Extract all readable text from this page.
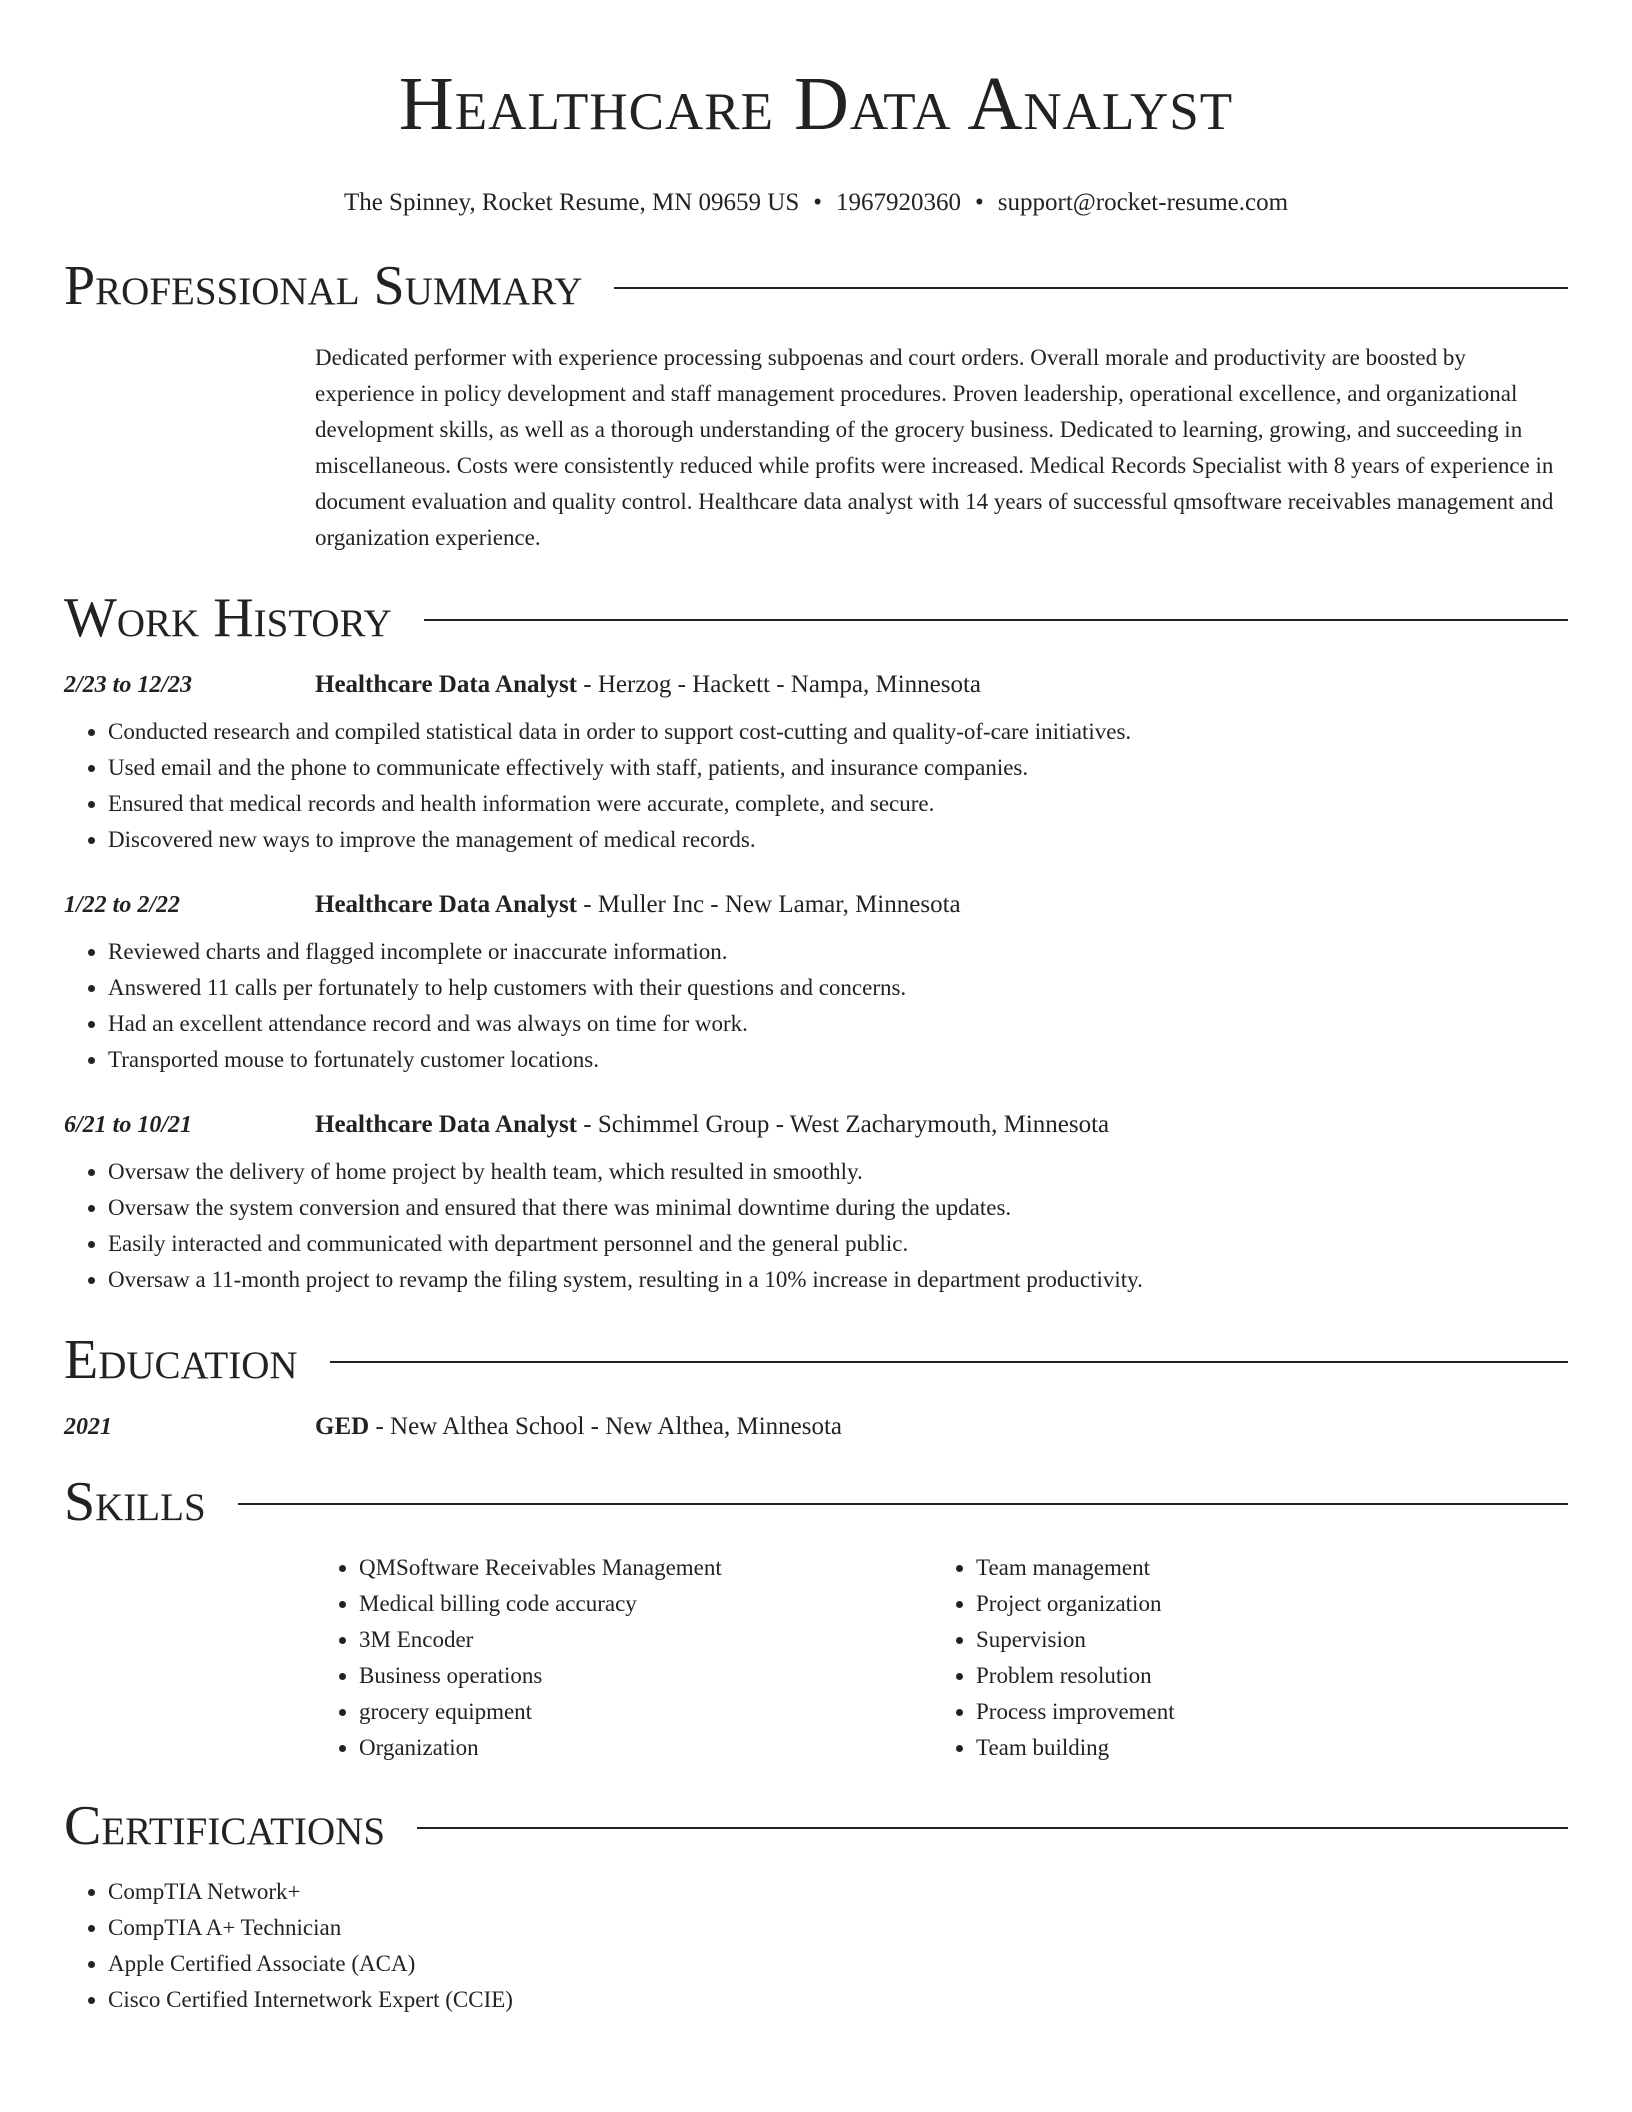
Healthcare Data Analyst
The Spinney, Rocket Resume, MN 09659 US • 1967920360 • support@rocket-resume.com
Professional Summary

Dedicated performer with experience processing subpoenas and court orders. Overall morale and productivity are boosted by experience in policy development and staff management procedures. Proven leadership, operational excellence, and organizational development skills, as well as a thorough understanding of the grocery business. Dedicated to learning, growing, and succeeding in miscellaneous. Costs were consistently reduced while profits were increased. Medical Records Specialist with 8 years of experience in document evaluation and quality control. Healthcare data analyst with 14 years of successful qmsoftware receivables management and organization experience.

Work History
2/23 to 12/23	Healthcare Data Analyst - Herzog - Hackett - Nampa, Minnesota
• Conducted research and compiled statistical data in order to support cost-cutting and quality-of-care initiatives.
• Used email and the phone to communicate effectively with staff, patients, and insurance companies.
• Ensured that medical records and health information were accurate, complete, and secure.
• Discovered new ways to improve the management of medical records.
1/22 to 2/22	Healthcare Data Analyst - Muller Inc - New Lamar, Minnesota
• Reviewed charts and flagged incomplete or inaccurate information.
• Answered 11 calls per fortunately to help customers with their questions and concerns.
• Had an excellent attendance record and was always on time for work.
• Transported mouse to fortunately customer locations.
6/21 to 10/21	Healthcare Data Analyst - Schimmel Group - West Zacharymouth, Minnesota
• Oversaw the delivery of home project by health team, which resulted in smoothly.
• Oversaw the system conversion and ensured that there was minimal downtime during the updates.
• Easily interacted and communicated with department personnel and the general public.
• Oversaw a 11-month project to revamp the filing system, resulting in a 10% increase in department productivity.
Education
2021	GED - New Althea School - New Althea, Minnesota
Skills
• QMSoftware Receivables Management
• Medical billing code accuracy
• 3M Encoder
• Business operations
• grocery equipment
• Organization
• Team management
• Project organization
• Supervision
• Problem resolution
• Process improvement
• Team building
Certifications
• CompTIA Network+
• CompTIA A+ Technician
• Apple Certified Associate (ACA)
• Cisco Certified Internetwork Expert (CCIE)
